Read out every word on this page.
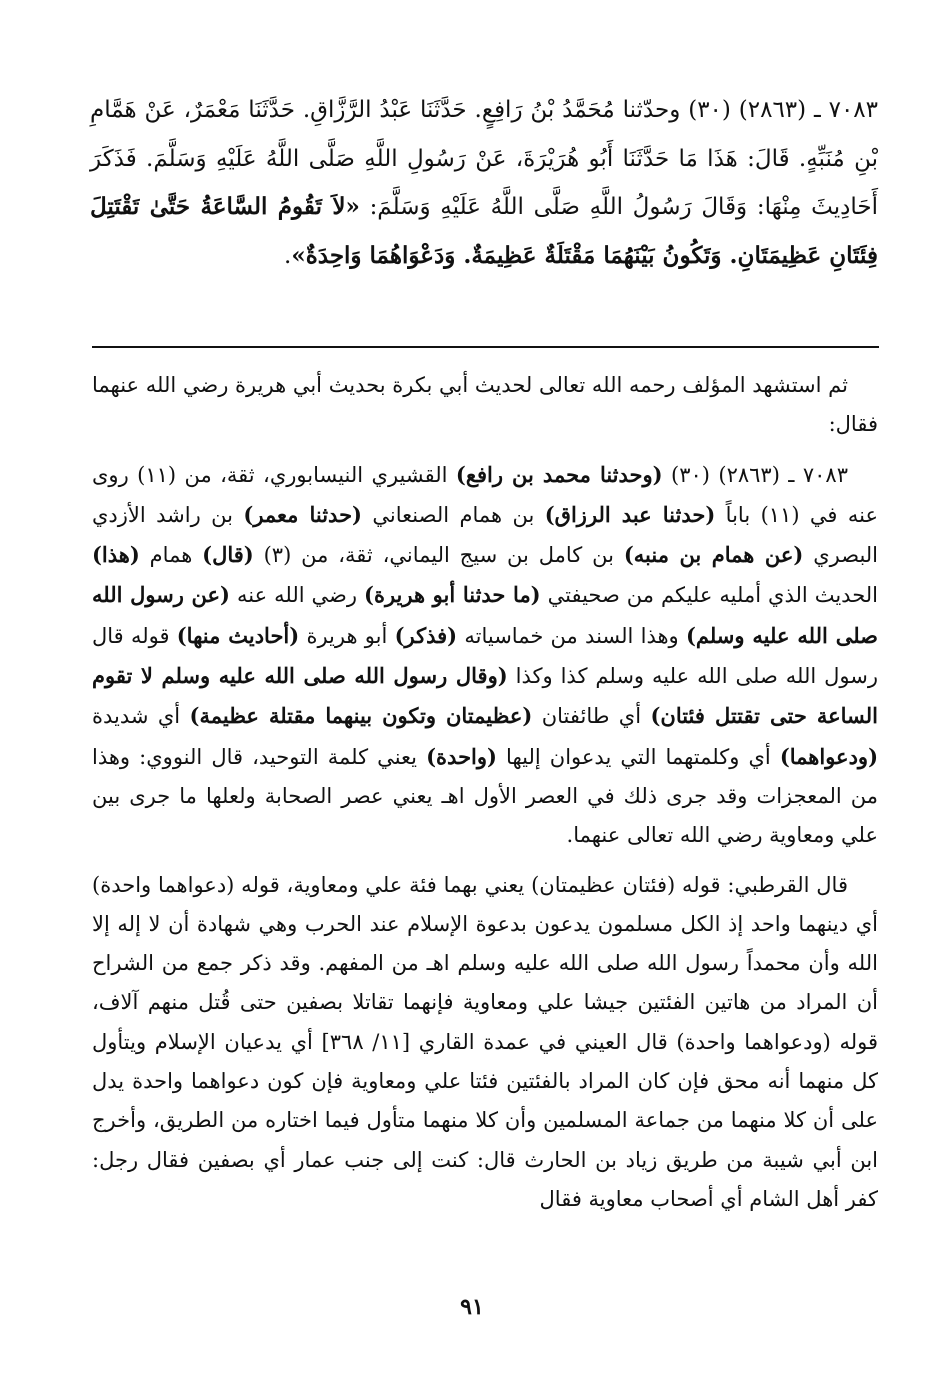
٧٠٨٣ ـ (٢٨٦٣) (٣٠) وحدّثنا مُحَمَّدُ بْنُ رَافِعٍ. حَدَّثَنَا عَبْدُ الرَّزَّاقِ. حَدَّثَنَا مَعْمَرٌ، عَنْ هَمَّامِ بْنِ مُنَبِّهٍ. قَالَ: هَذَا مَا حَدَّثَنَا أَبُو هُرَيْرَةَ، عَنْ رَسُولِ اللَّهِ صَلَّى اللَّهُ عَلَيْهِ وَسَلَّمَ. فَذَكَرَ أَحَادِيثَ مِنْهَا: وَقَالَ رَسُولُ اللَّهِ صَلَّى اللَّهُ عَلَيْهِ وَسَلَّمَ: «لاَ تَقُومُ السَّاعَةُ حَتَّىٰ تَقْتَتِلَ فِئَتَانِ عَظِيمَتَانِ. وَتَكُونُ بَيْنَهُمَا مَقْتَلَةٌ عَظِيمَةٌ. وَدَعْوَاهُمَا وَاحِدَةٌ».

ثم استشهد المؤلف رحمه الله تعالى لحديث أبي بكرة بحديث أبي هريرة رضي الله عنهما فقال:

٧٠٨٣ ـ (٢٨٦٣) (٣٠) (وحدثنا محمد بن رافع) القشيري النيسابوري، ثقة، من (١١) روى عنه في (١١) باباً (حدثنا عبد الرزاق) بن همام الصنعاني (حدثنا معمر) بن راشد الأزدي البصري (عن همام بن منبه) بن كامل بن سيج اليماني، ثقة، من (٣) (قال) همام (هذا) الحديث الذي أمليه عليكم من صحيفتي (ما حدثنا أبو هريرة) رضي الله عنه (عن رسول الله صلى الله عليه وسلم) وهذا السند من خماسياته (فذكر) أبو هريرة (أحاديث منها) قوله قال رسول الله صلى الله عليه وسلم كذا وكذا (وقال رسول الله صلى الله عليه وسلم لا تقوم الساعة حتى تقتتل فئتان) أي طائفتان (عظيمتان وتكون بينهما مقتلة عظيمة) أي شديدة (ودعواهما) أي وكلمتهما التي يدعوان إليها (واحدة) يعني كلمة التوحيد، قال النووي: وهذا من المعجزات وقد جرى ذلك في العصر الأول اهـ يعني عصر الصحابة ولعلها ما جرى بين علي ومعاوية رضي الله تعالى عنهما.

قال القرطبي: قوله (فئتان عظيمتان) يعني بهما فئة علي ومعاوية، قوله (دعواهما واحدة) أي دينهما واحد إذ الكل مسلمون يدعون بدعوة الإسلام عند الحرب وهي شهادة أن لا إله إلا الله وأن محمداً رسول الله صلى الله عليه وسلم اهـ من المفهم. وقد ذكر جمع من الشراح أن المراد من هاتين الفئتين جيشا علي ومعاوية فإنهما تقاتلا بصفين حتى قُتل منهم آلاف، قوله (ودعواهما واحدة) قال العيني في عمدة القاري [١١/ ٣٦٨] أي يدعيان الإسلام ويتأول كل منهما أنه محق فإن كان المراد بالفئتين فئتا علي ومعاوية فإن كون دعواهما واحدة يدل على أن كلا منهما من جماعة المسلمين وأن كلا منهما متأول فيما اختاره من الطريق، وأخرج ابن أبي شيبة من طريق زياد بن الحارث قال: كنت إلى جنب عمار أي بصفين فقال رجل: كفر أهل الشام أي أصحاب معاوية فقال

٩١
